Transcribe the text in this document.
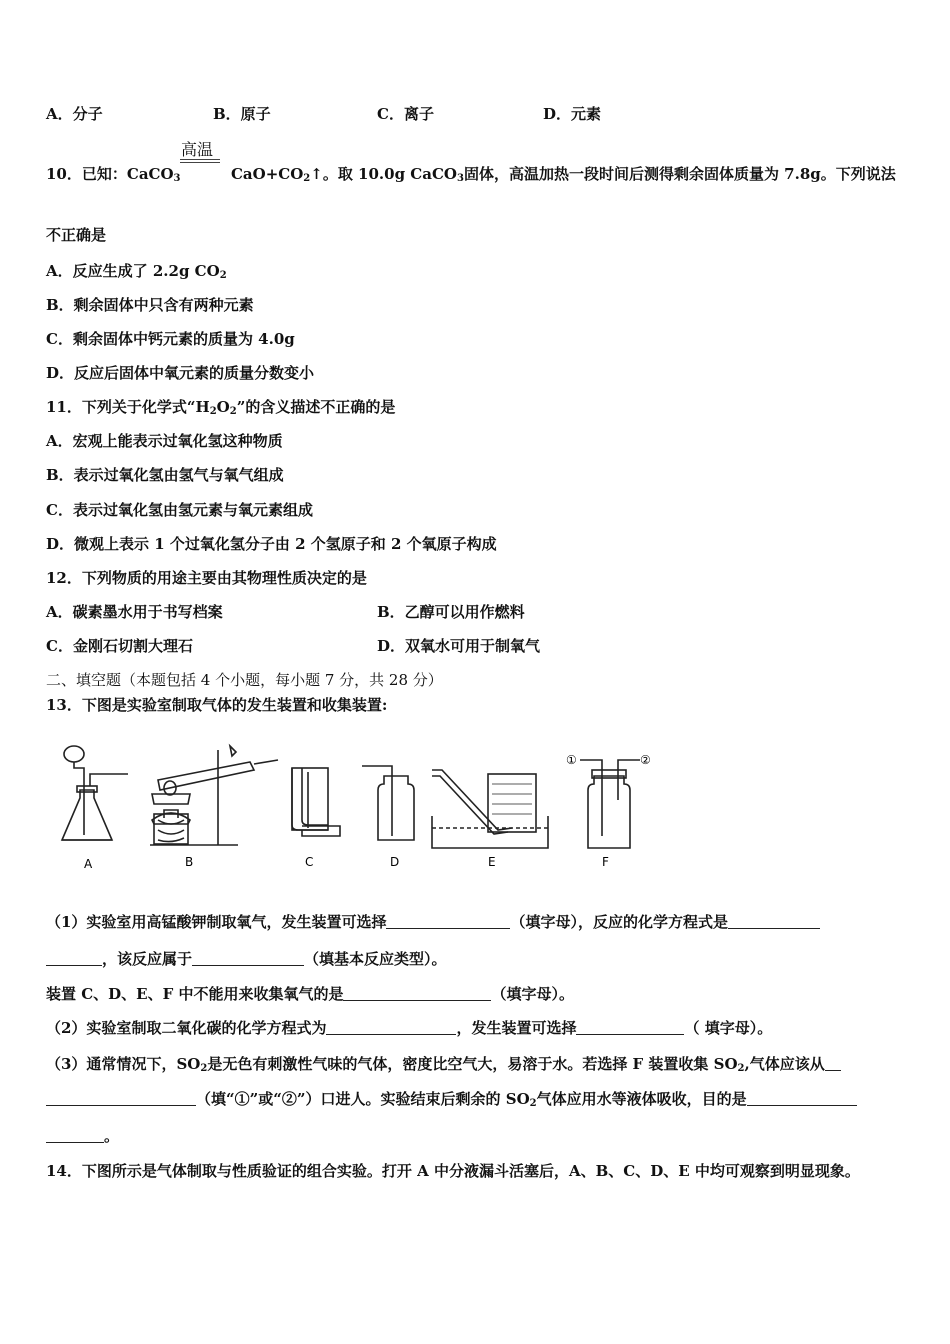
A．分子	B．原子	C．离子	D．元素
高温
10．已知：CaCO$_3$	$CaO+CO_2↑$。取 10.0g CaCO$_3$固体，高温加热一段时间后测得剩余固体质量为 7.8g。下列说法
不正确是
A．反应生成了 2.2g $CO_2$
B．剩余固体中只含有两种元素
C．剩余固体中钙元素的质量为 4.0g
D．反应后固体中氧元素的质量分数变小
11．下列关于化学式“$H_2O_2$”的含义描述不正确的是
A．宏观上能表示过氧化氢这种物质
B．表示过氧化氢由氢气与氧气组成
C．表示过氧化氢由氢元素与氧元素组成
D．微观上表示 1 个过氧化氢分子由 2 个氢原子和 2 个氧原子构成
12．下列物质的用途主要由其物理性质决定的是
A．碳素墨水用于书写档案	B．乙醇可以用作燃料
C．金刚石切割大理石	D．双氧水可用于制氧气
二、填空题（本题包括 4 个小题，每小题 7 分，共 28 分）
13．下图是实验室制取气体的发生装置和收集装置:
①	②
A	B	C	D	E	F
（1）实验室用高锰酸钾制取氧气，发生装置可选择	（填字母），反应的化学方程式是
，该反应属于	（填基本反应类型）。
装置 C、D、E、F 中不能用来收集氧气的是	（填字母）。
（2）实验室制取二氧化碳的化学方程式为	，发生装置可选择	（ 填字母）。
（3）通常情况下，$SO_2$是无色有刺激性气味的气体，密度比空气大，易溶于水。若选择 F 装置收集 $SO_2$,气体应该从
（填“①”或“②”）口进人。实验结束后剩余的 $SO_2$气体应用水等液体吸收，目的是
。
14．下图所示是气体制取与性质验证的组合实验。打开 A 中分液漏斗活塞后，A、B、C、D、E 中均可观察到明显现象。
